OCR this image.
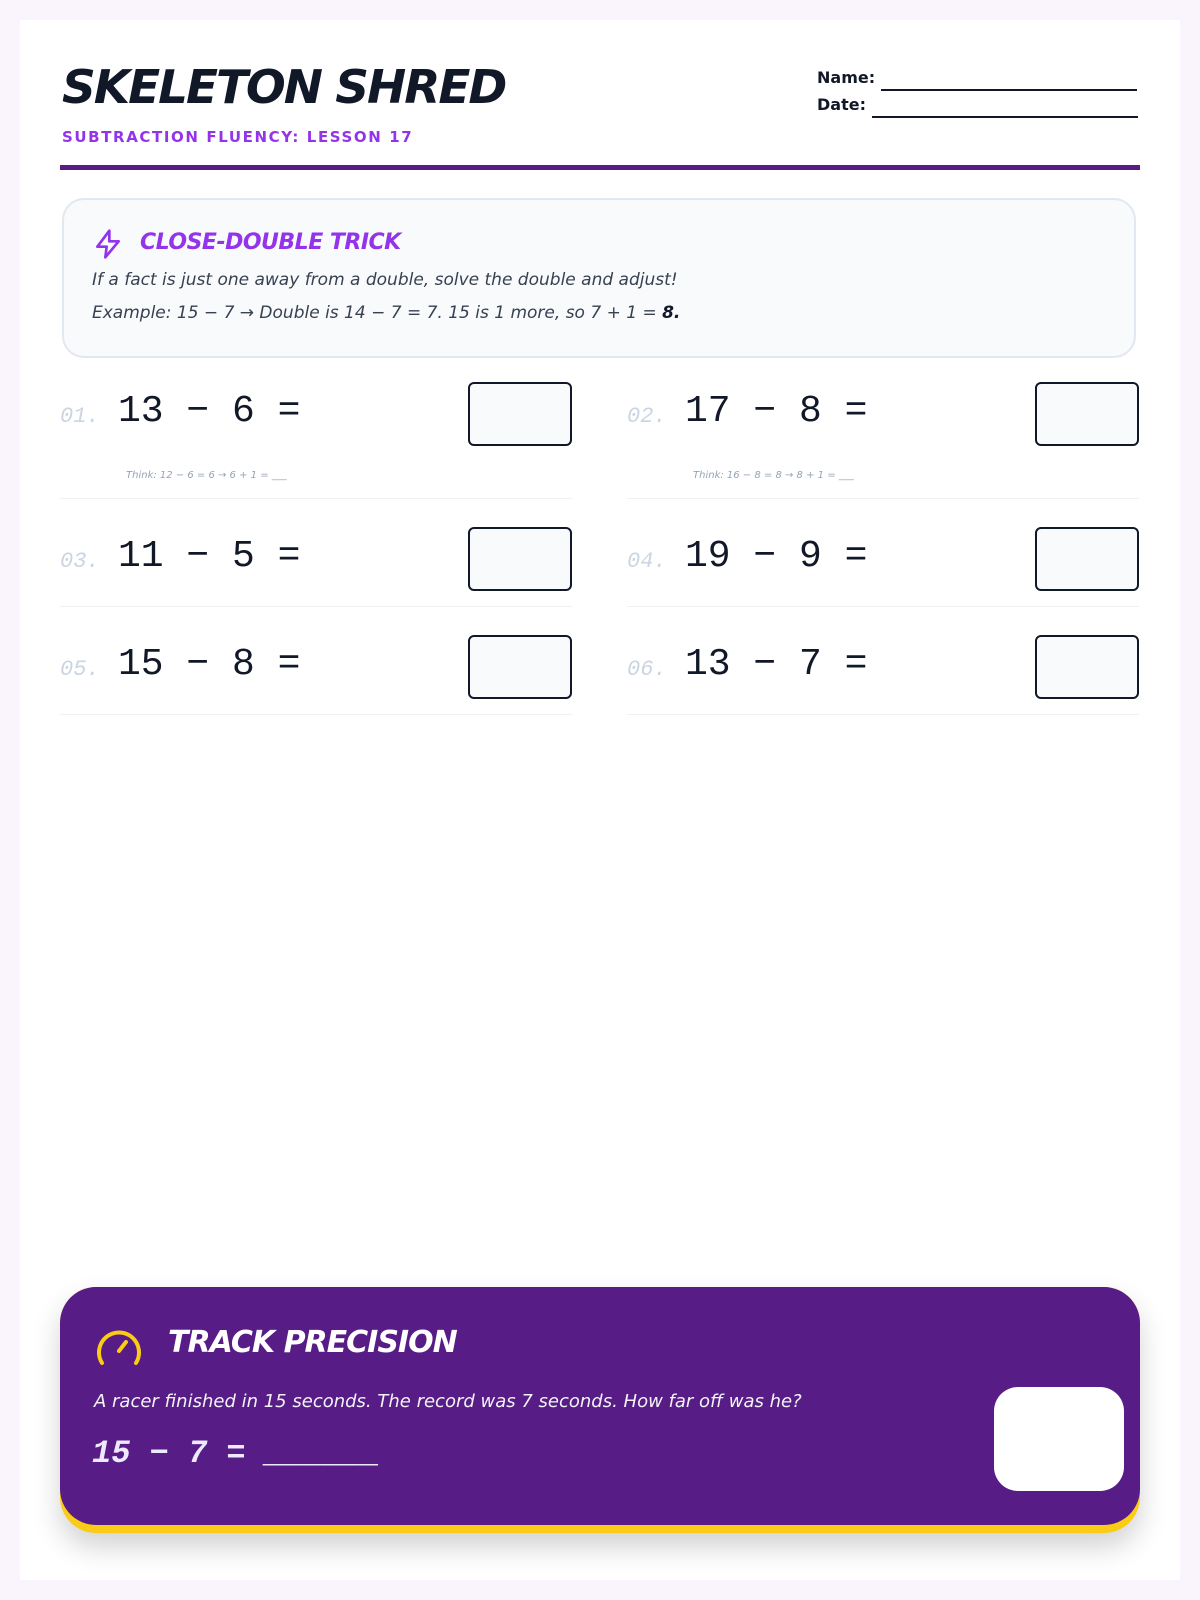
SKELETON SHRED
SUBTRACTION FLUENCY: LESSON 17
Name:
Date:
CLOSE-DOUBLE TRICK
If a fact is just one away from a double, solve the double and adjust!
Example: 15 − 7 → Double is 14 − 7 = 7. 15 is 1 more, so 7 + 1 = 8.
01. 13 − 6 =
Think: 12 − 6 = 6 → 6 + 1 = ___
02. 17 − 8 =
Think: 16 − 8 = 8 → 8 + 1 = ___
03. 11 − 5 =	04. 19 − 9 =
05. 15 − 8 =	06. 13 − 7 =
TRACK PRECISION
A racer finished in 15 seconds. The record was 7 seconds. How far off was he?
15 − 7 = ______
